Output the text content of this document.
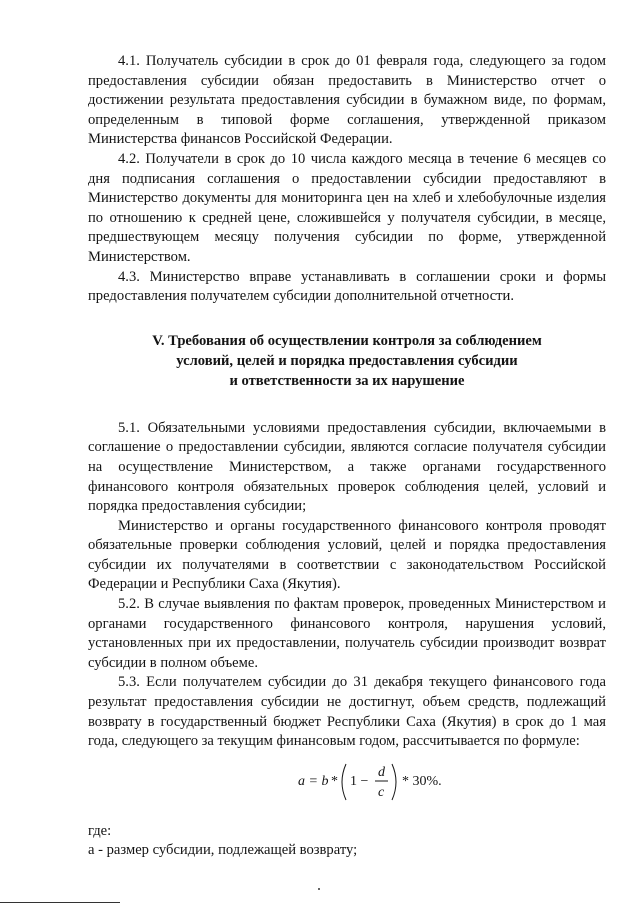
4.1. Получатель субсидии в срок до 01 февраля года, следующего за годом предоставления субсидии обязан предоставить в Министерство отчет о достижении результата предоставления субсидии в бумажном виде, по формам, определенным в типовой форме соглашения, утвержденной приказом Министерства финансов Российской Федерации.

4.2. Получатели в срок до 10 числа каждого месяца в течение 6 месяцев со дня подписания соглашения о предоставлении субсидии предоставляют в Министерство документы для мониторинга цен на хлеб и хлебобулочные изделия по отношению к средней цене, сложившейся у получателя субсидии, в месяце, предшествующем месяцу получения субсидии по форме, утвержденной Министерством.

4.3. Министерство вправе устанавливать в соглашении сроки и формы предоставления получателем субсидии дополнительной отчетности.

V. Требования об осуществлении контроля за соблюдением
условий, целей и порядка предоставления субсидии
и ответственности за их нарушение

5.1. Обязательными условиями предоставления субсидии, включаемыми в соглашение о предоставлении субсидии, являются согласие получателя субсидии на осуществление Министерством, а также органами государственного финансового контроля обязательных проверок соблюдения целей, условий и порядка предоставления субсидии;

Министерство и органы государственного финансового контроля проводят обязательные проверки соблюдения условий, целей и порядка предоставления субсидии их получателями в соответствии с законодательством Российской Федерации и Республики Саха (Якутия).

5.2. В случае выявления по фактам проверок, проведенных Министерством и органами государственного финансового контроля, нарушения условий, установленных при их предоставлении, получатель субсидии производит возврат субсидии в полном объеме.

5.3. Если получателем субсидии до 31 декабря текущего финансового года результат предоставления субсидии не достигнут, объем средств, подлежащий возврату в государственный бюджет Республики Саха (Якутия) в срок до 1 мая года, следующего за текущим финансовым годом, рассчитывается по формуле:

a = b * 1 −
d
c
* 30%.

где:

а - размер субсидии, подлежащей возврату;
